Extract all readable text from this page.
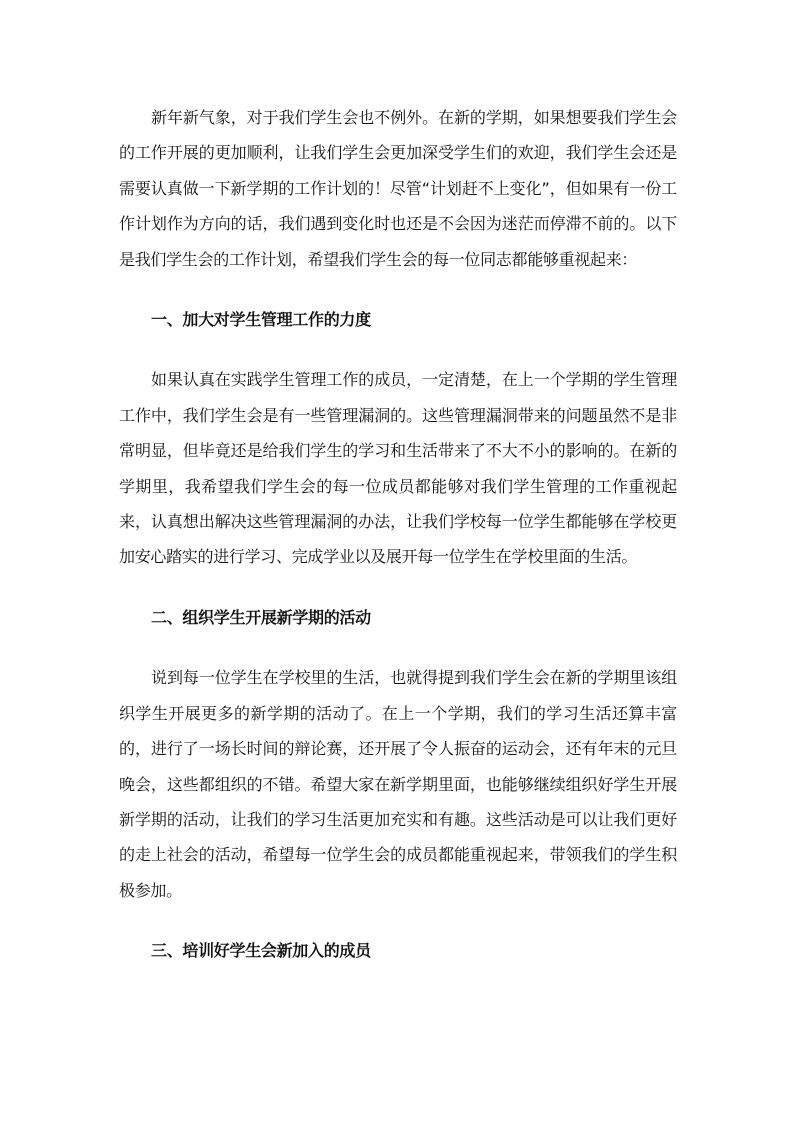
新年新气象，对于我们学生会也不例外。在新的学期，如果想要我们学生会的工作开展的更加顺利，让我们学生会更加深受学生们的欢迎，我们学生会还是需要认真做一下新学期的工作计划的！尽管“计划赶不上变化”，但如果有一份工作计划作为方向的话，我们遇到变化时也还是不会因为迷茫而停滞不前的。以下是我们学生会的工作计划，希望我们学生会的每一位同志都能够重视起来：

一、加大对学生管理工作的力度

如果认真在实践学生管理工作的成员，一定清楚，在上一个学期的学生管理工作中，我们学生会是有一些管理漏洞的。这些管理漏洞带来的问题虽然不是非常明显，但毕竟还是给我们学生的学习和生活带来了不大不小的影响的。在新的学期里，我希望我们学生会的每一位成员都能够对我们学生管理的工作重视起来，认真想出解决这些管理漏洞的办法，让我们学校每一位学生都能够在学校更加安心踏实的进行学习、完成学业以及展开每一位学生在学校里面的生活。

二、组织学生开展新学期的活动

说到每一位学生在学校里的生活，也就得提到我们学生会在新的学期里该组织学生开展更多的新学期的活动了。在上一个学期，我们的学习生活还算丰富的，进行了一场长时间的辩论赛，还开展了令人振奋的运动会，还有年末的元旦晚会，这些都组织的不错。希望大家在新学期里面，也能够继续组织好学生开展新学期的活动，让我们的学习生活更加充实和有趣。这些活动是可以让我们更好的走上社会的活动，希望每一位学生会的成员都能重视起来，带领我们的学生积极参加。

三、培训好学生会新加入的成员
